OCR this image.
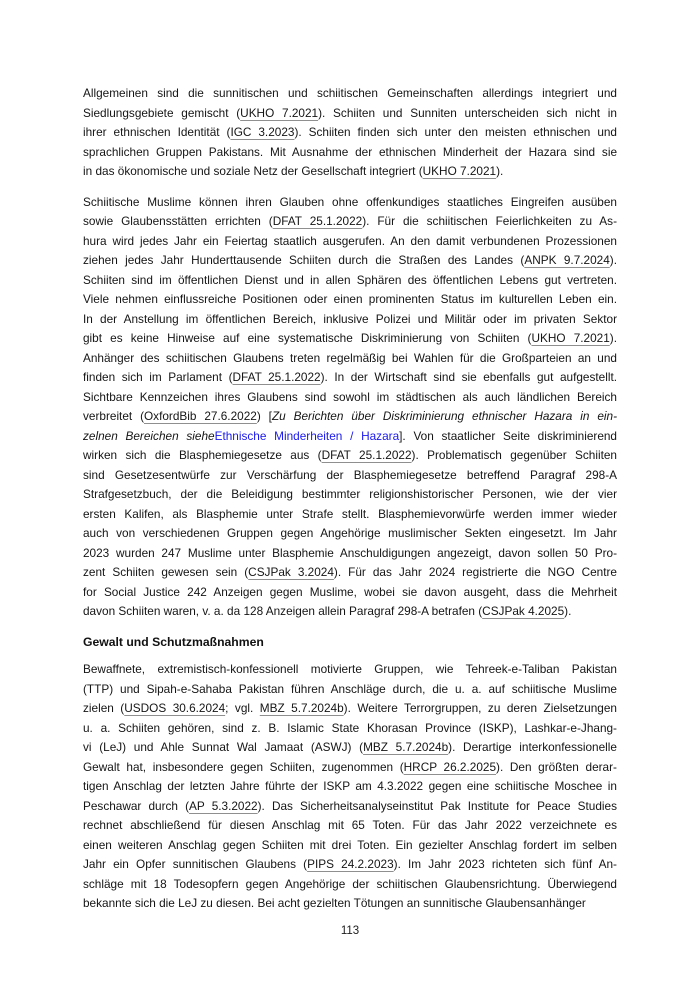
Allgemeinen sind die sunnitischen und schiitischen Gemeinschaften allerdings integriert und
Siedlungsgebiete gemischt (UKHO 7.2021). Schiiten und Sunniten unterscheiden sich nicht in
ihrer ethnischen Identität (IGC 3.2023). Schiiten finden sich unter den meisten ethnischen und
sprachlichen Gruppen Pakistans. Mit Ausnahme der ethnischen Minderheit der Hazara sind sie
in das ökonomische und soziale Netz der Gesellschaft integriert (UKHO 7.2021).
Schiitische Muslime können ihren Glauben ohne offenkundiges staatliches Eingreifen ausüben
sowie Glaubensstätten errichten (DFAT 25.1.2022). Für die schiitischen Feierlichkeiten zu As-
hura wird jedes Jahr ein Feiertag staatlich ausgerufen. An den damit verbundenen Prozessionen
ziehen jedes Jahr Hunderttausende Schiiten durch die Straßen des Landes (ANPK 9.7.2024).
Schiiten sind im öffentlichen Dienst und in allen Sphären des öffentlichen Lebens gut vertreten.
Viele nehmen einflussreiche Positionen oder einen prominenten Status im kulturellen Leben ein.
In der Anstellung im öffentlichen Bereich, inklusive Polizei und Militär oder im privaten Sektor
gibt es keine Hinweise auf eine systematische Diskriminierung von Schiiten (UKHO 7.2021).
Anhänger des schiitischen Glaubens treten regelmäßig bei Wahlen für die Großparteien an und
finden sich im Parlament (DFAT 25.1.2022). In der Wirtschaft sind sie ebenfalls gut aufgestellt.
Sichtbare Kennzeichen ihres Glaubens sind sowohl im städtischen als auch ländlichen Bereich
verbreitet (OxfordBib 27.6.2022) [Zu Berichten über Diskriminierung ethnischer Hazara in ein-
zelnen Bereichen sieheEthnische Minderheiten / Hazara]. Von staatlicher Seite diskriminierend
wirken sich die Blasphemiegesetze aus (DFAT 25.1.2022). Problematisch gegenüber Schiiten
sind Gesetzesentwürfe zur Verschärfung der Blasphemiegesetze betreffend Paragraf 298-A
Strafgesetzbuch, der die Beleidigung bestimmter religionshistorischer Personen, wie der vier
ersten Kalifen, als Blasphemie unter Strafe stellt. Blasphemievorwürfe werden immer wieder
auch von verschiedenen Gruppen gegen Angehörige muslimischer Sekten eingesetzt. Im Jahr
2023 wurden 247 Muslime unter Blasphemie Anschuldigungen angezeigt, davon sollen 50 Pro-
zent Schiiten gewesen sein (CSJPak 3.2024). Für das Jahr 2024 registrierte die NGO Centre
for Social Justice 242 Anzeigen gegen Muslime, wobei sie davon ausgeht, dass die Mehrheit
davon Schiiten waren, v. a. da 128 Anzeigen allein Paragraf 298-A betrafen (CSJPak 4.2025).
Gewalt und Schutzmaßnahmen
Bewaffnete, extremistisch-konfessionell motivierte Gruppen, wie Tehreek-e-Taliban Pakistan
(TTP) und Sipah-e-Sahaba Pakistan führen Anschläge durch, die u. a. auf schiitische Muslime
zielen (USDOS 30.6.2024; vgl. MBZ 5.7.2024b). Weitere Terrorgruppen, zu deren Zielsetzungen
u. a. Schiiten gehören, sind z. B. Islamic State Khorasan Province (ISKP), Lashkar-e-Jhang-
vi (LeJ) und Ahle Sunnat Wal Jamaat (ASWJ) (MBZ 5.7.2024b). Derartige interkonfessionelle
Gewalt hat, insbesondere gegen Schiiten, zugenommen (HRCP 26.2.2025). Den größten derar-
tigen Anschlag der letzten Jahre führte der ISKP am 4.3.2022 gegen eine schiitische Moschee in
Peschawar durch (AP 5.3.2022). Das Sicherheitsanalyseinstitut Pak Institute for Peace Studies
rechnet abschließend für diesen Anschlag mit 65 Toten. Für das Jahr 2022 verzeichnete es
einen weiteren Anschlag gegen Schiiten mit drei Toten. Ein gezielter Anschlag fordert im selben
Jahr ein Opfer sunnitischen Glaubens (PIPS 24.2.2023). Im Jahr 2023 richteten sich fünf An-
schläge mit 18 Todesopfern gegen Angehörige der schiitischen Glaubensrichtung. Überwiegend
bekannte sich die LeJ zu diesen. Bei acht gezielten Tötungen an sunnitische Glaubensanhänger
113
